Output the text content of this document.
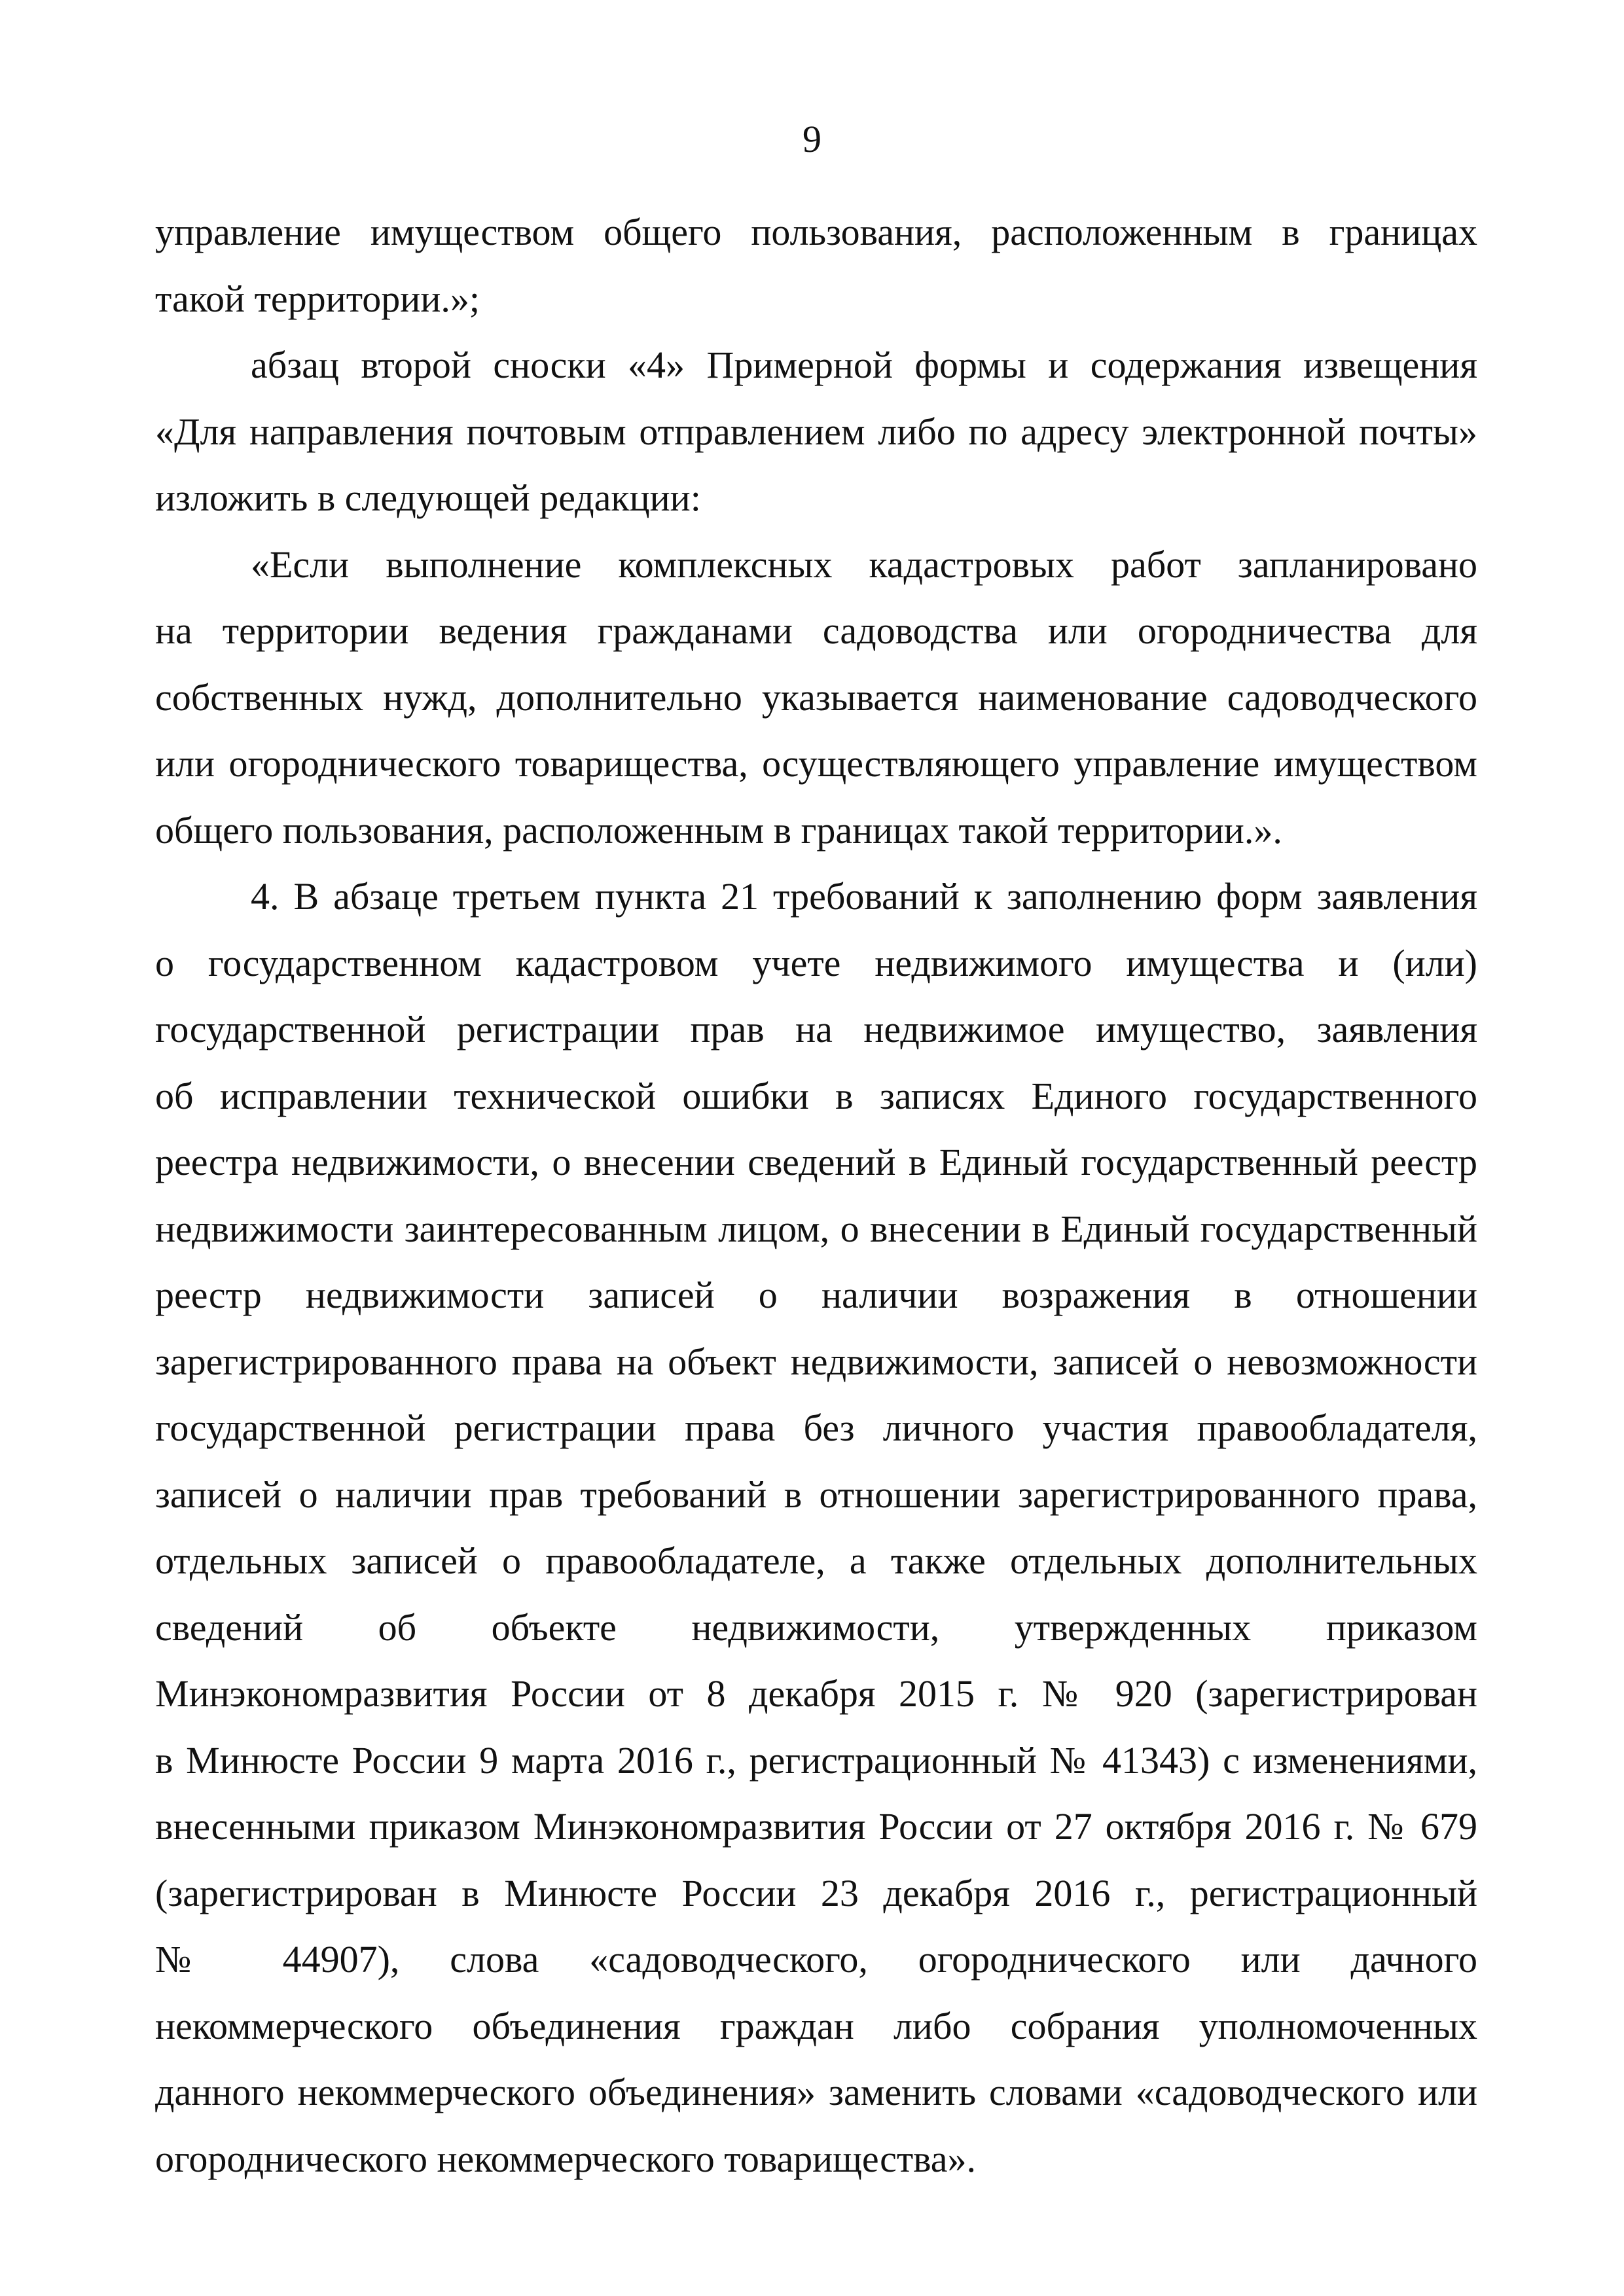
9
управление имуществом общего пользования, расположенным в границах
такой территории.»;
абзац второй сноски «4» Примерной формы и содержания извещения
«Для направления почтовым отправлением либо по адресу электронной почты»
изложить в следующей редакции:
«Если выполнение комплексных кадастровых работ запланировано
на территории ведения гражданами садоводства или огородничества для
собственных нужд, дополнительно указывается наименование садоводческого
или огороднического товарищества, осуществляющего управление имуществом
общего пользования, расположенным в границах такой территории.».
4. В абзаце третьем пункта 21 требований к заполнению форм заявления
о государственном кадастровом учете недвижимого имущества и (или)
государственной регистрации прав на недвижимое имущество, заявления
об исправлении технической ошибки в записях Единого государственного
реестра недвижимости, о внесении сведений в Единый государственный реестр
недвижимости заинтересованным лицом, о внесении в Единый государственный
реестр недвижимости записей о наличии возражения в отношении
зарегистрированного права на объект недвижимости, записей о невозможности
государственной регистрации права без личного участия правообладателя,
записей о наличии прав требований в отношении зарегистрированного права,
отдельных записей о правообладателе, а также отдельных дополнительных
сведений об объекте недвижимости, утвержденных приказом
Минэкономразвития России от 8 декабря 2015 г. № 920 (зарегистрирован
в Минюсте России 9 марта 2016 г., регистрационный № 41343) с изменениями,
внесенными приказом Минэкономразвития России от 27 октября 2016 г. № 679
(зарегистрирован в Минюсте России 23 декабря 2016 г., регистрационный
№ 44907), слова «садоводческого, огороднического или дачного
некоммерческого объединения граждан либо собрания уполномоченных
данного некоммерческого объединения» заменить словами «садоводческого или
огороднического некоммерческого товарищества».
